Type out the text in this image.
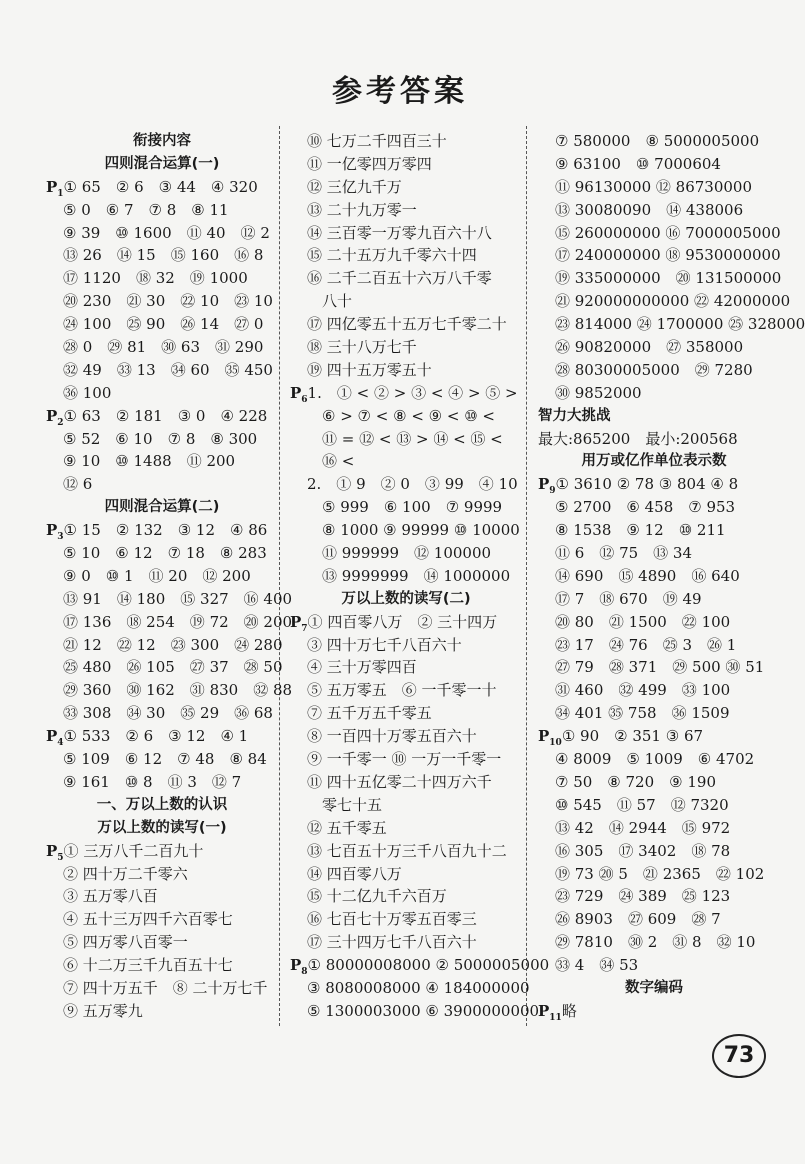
参考答案
衔接内容
四则混合运算(一)
$P_1①$ 65　② 6　③ 44　④ 320
⑤ 0　⑥ 7　⑦ 8　⑧ 11
⑨ 39　⑩ 1600　⑪ 40　⑫ 2
⑬ 26　⑭ 15　⑮ 160　⑯ 8
⑰ 1120　⑱ 32　⑲ 1000
⑳ 230　㉑ 30　㉒ 10　㉓ 10
㉔ 100　㉕ 90　㉖ 14　㉗ 0
㉘ 0　㉙ 81　㉚ 63　㉛ 290
㉜ 49　㉝ 13　㉞ 60　㉟ 450
㊱ 100
$P_2①$ 63　② 181　③ 0　④ 228
⑤ 52　⑥ 10　⑦ 8　⑧ 300
⑨ 10　⑩ 1488　⑪ 200
⑫ 6
四则混合运算(二)
$P_3①$ 15　② 132　③ 12　④ 86
⑤ 10　⑥ 12　⑦ 18　⑧ 283
⑨ 0　⑩ 1　⑪ 20　⑫ 200
⑬ 91　⑭ 180　⑮ 327　⑯ 400
⑰ 136　⑱ 254　⑲ 72　⑳ 200
㉑ 12　㉒ 12　㉓ 300　㉔ 280
㉕ 480　㉖ 105　㉗ 37　㉘ 50
㉙ 360　㉚ 162　㉛ 830　㉜ 88
㉝ 308　㉞ 30　㉟ 29　㊱ 68
$P_4①$ 533　② 6　③ 12　④ 1
⑤ 109　⑥ 12　⑦ 48　⑧ 84
⑨ 161　⑩ 8　⑪ 3　⑫ 7
一、万以上数的认识
万以上数的读写(一)
$P_5①$ 三万八千二百九十
② 四十万二千零六
③ 五万零八百
④ 五十三万四千六百零七
⑤ 四万零八百零一
⑥ 十二万三千九百五十七
⑦ 四十万五千　⑧ 二十万七千
⑨ 五万零九
⑩ 七万二千四百三十
⑪ 一亿零四万零四
⑫ 三亿九千万
⑬ 二十九万零一
⑭ 三百零一万零九百六十八
⑮ 二十五万九千零六十四
⑯ 二千二百五十六万八千零
八十
⑰ 四亿零五十五万七千零二十
⑱ 三十八万七千
⑲ 四十五万零五十
$P_61$.　① < ② > ③ < ④ > ⑤ >
⑥ > ⑦ < ⑧ < ⑨ < ⑩ <
⑪ = ⑫ < ⑬ > ⑭ < ⑮ <
⑯ <
2.　① 9　② 0　③ 99　④ 10
⑤ 999　⑥ 100　⑦ 9999
⑧ 1000 ⑨ 99999 ⑩ 10000
⑪ 999999　⑫ 100000
⑬ 9999999　⑭ 1000000
万以上数的读写(二)
$P_7①$ 四百零八万　② 三十四万
③ 四十万七千八百六十
④ 三十万零四百
⑤ 五万零五　⑥ 一千零一十
⑦ 五千万五千零五
⑧ 一百四十万零五百六十
⑨ 一千零一 ⑩ 一万一千零一
⑪ 四十五亿零二十四万六千
零七十五
⑫ 五千零五
⑬ 七百五十万三千八百九十二
⑭ 四百零八万
⑮ 十二亿九千六百万
⑯ 七百七十万零五百零三
⑰ 三十四万七千八百六十
$P_8①$ 80000008000 ② 5000005000
③ 8080008000 ④ 184000000
⑤ 1300003000 ⑥ 3900000000
⑦ 580000　⑧ 5000005000
⑨ 63100　⑩ 7000604
⑪ 96130000 ⑫ 86730000
⑬ 30080090　⑭ 438006
⑮ 260000000 ⑯ 7000005000
⑰ 240000000 ⑱ 9530000000
⑲ 335000000　⑳ 131500000
㉑ 920000000000 ㉒ 42000000
㉓ 814000 ㉔ 1700000 ㉕ 328000
㉖ 90820000　㉗ 358000
㉘ 80300005000　㉙ 7280
㉚ 9852000
智力大挑战
最大:865200　最小:200568
用万或亿作单位表示数
$P_9①$ 3610 ② 78 ③ 804 ④ 8
⑤ 2700　⑥ 458　⑦ 953
⑧ 1538　⑨ 12　⑩ 211
⑪ 6　⑫ 75　⑬ 34
⑭ 690　⑮ 4890　⑯ 640
⑰ 7　⑱ 670　⑲ 49
⑳ 80　㉑ 1500　㉒ 100
㉓ 17　㉔ 76　㉕ 3　㉖ 1
㉗ 79　㉘ 371　㉙ 500 ㉚ 51
㉛ 460　㉜ 499　㉝ 100
㉞ 401 ㉟ 758　㊱ 1509
$P_{10}①$ 90　② 351 ③ 67
④ 8009　⑤ 1009　⑥ 4702
⑦ 50　⑧ 720　⑨ 190
⑩ 545　⑪ 57　⑫ 7320
⑬ 42　⑭ 2944　⑮ 972
⑯ 305　⑰ 3402　⑱ 78
⑲ 73 ⑳ 5　㉑ 2365　㉒ 102
㉓ 729　㉔ 389　㉕ 123
㉖ 8903　㉗ 609　㉘ 7
㉙ 7810　㉚ 2　㉛ 8　㉜ 10
㉝ 4　㉞ 53
数字编码
$P_{11}$略
73
